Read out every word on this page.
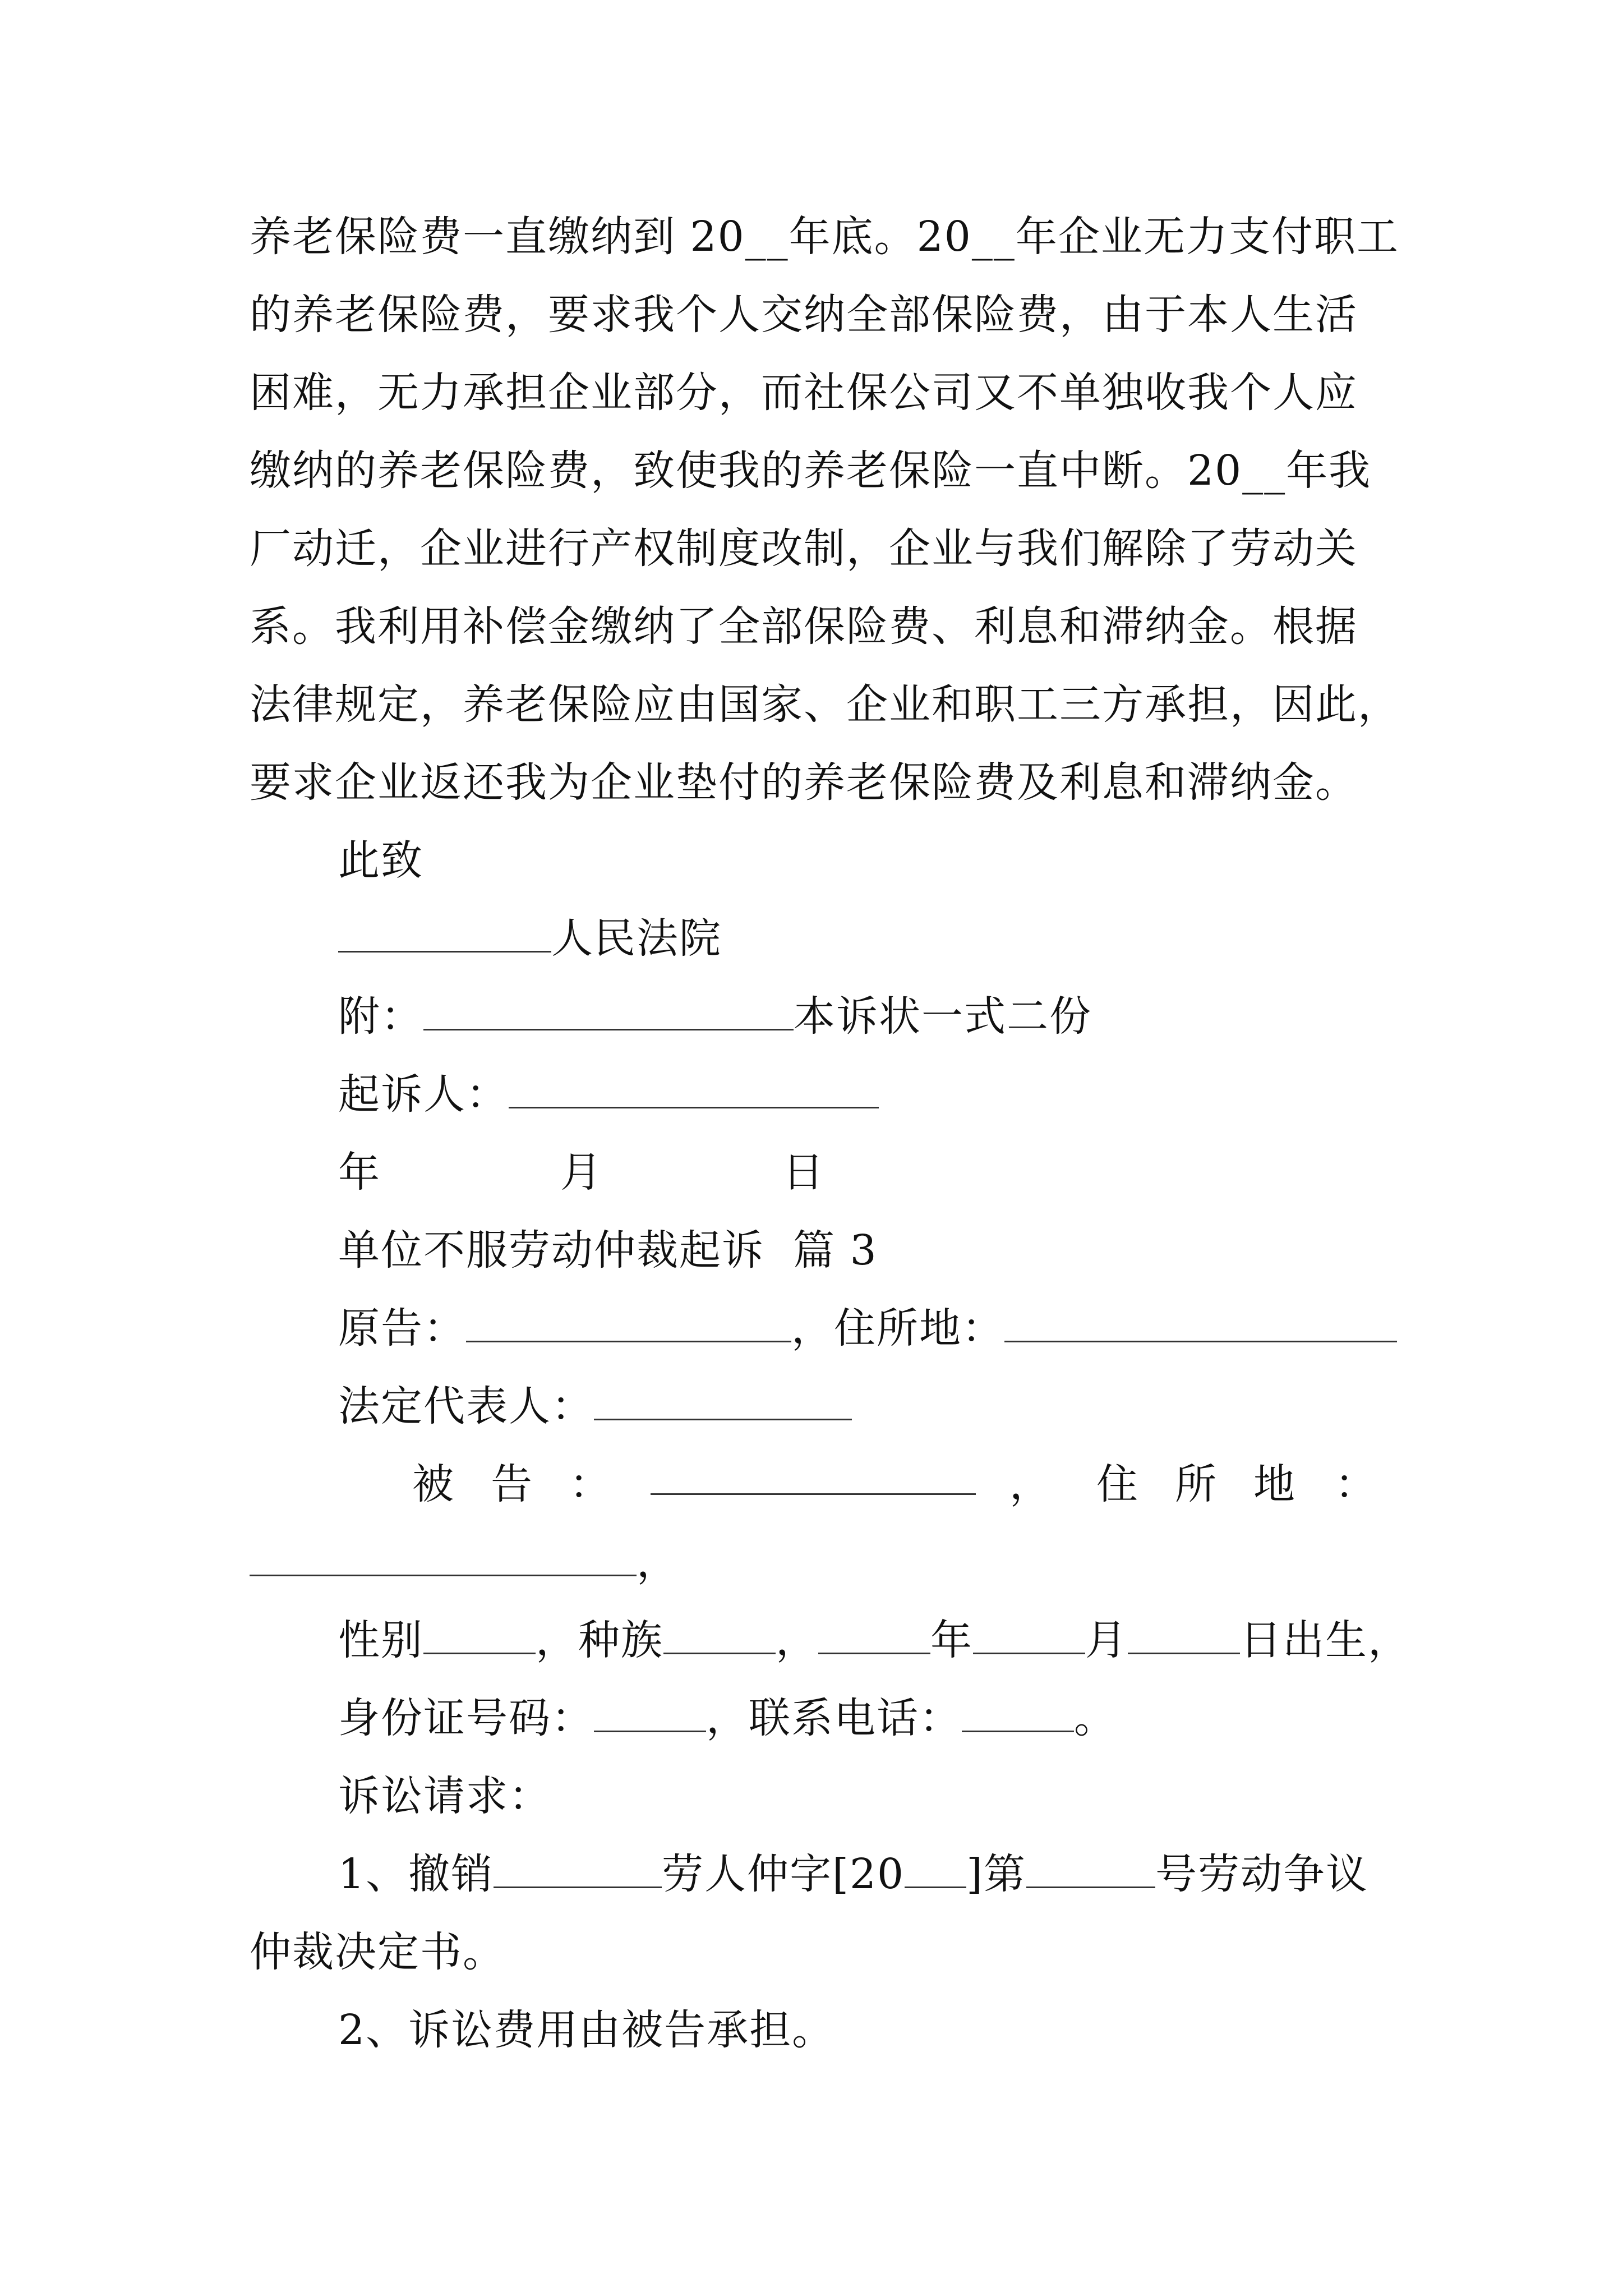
养老保险费一直缴纳到 20__年底。20__年企业无力支付职工
的养老保险费，要求我个人交纳全部保险费，由于本人生活
困难，无力承担企业部分，而社保公司又不单独收我个人应
缴纳的养老保险费，致使我的养老保险一直中断。20__年我
厂动迁，企业进行产权制度改制，企业与我们解除了劳动关
系。我利用补偿金缴纳了全部保险费、利息和滞纳金。根据
法律规定，养老保险应由国家、企业和职工三方承担，因此，
要求企业返还我为企业垫付的养老保险费及利息和滞纳金。
此致
人民法院
附：	本诉状一式二份
起诉人：
年	月	日
单位不服劳动仲裁起诉  篇 3
原告：	，住所地：
法定代表人：
被 告 ：	， 住 所 地 ：
，
性别	，种族	，	年	月	日出生，
身份证号码：	，联系电话：	。
诉讼请求：
1、撤销	劳人仲字[20 ]第	号劳动争议
仲裁决定书。
2、诉讼费用由被告承担。
